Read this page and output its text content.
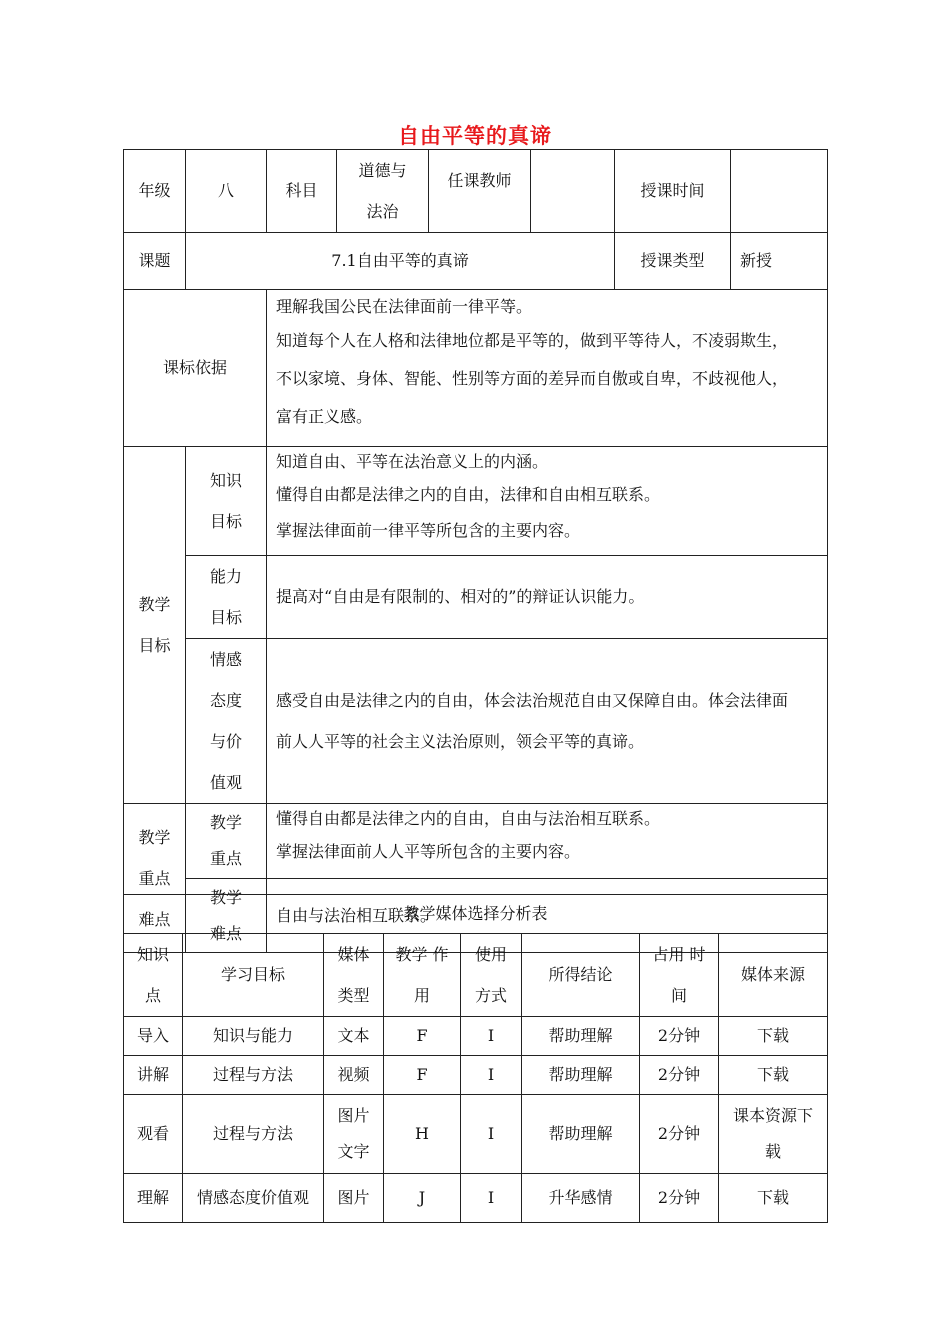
自由平等的真谛
年级	八	科目	道德与法治	任课教师		授课时间	
课题	7.1自由平等的真谛					授课类型	新授
课标依据		理解我国公民在法律面前一律平等。
知道每个人在人格和法律地位都是平等的，做到平等待人，不凌弱欺生，
不以家境、身体、智能、性别等方面的差异而自傲或自卑，不歧视他人，
富有正义感。					

教学目标	知识目标	知道自由、平等在法治意义上的内涵。
懂得自由都是法律之内的自由，法律和自由相互联系。
掌握法律面前一律平等所包含的主要内容。					

	能力目标	提高对“自由是有限制的、相对的”的辩证认识能力。					
	情感态度与价值观	感受自由是法律之内的自由，体会法治规范自由又保障自由。体会法律面
前人人平等的社会主义法治原则，领会平等的真谛。					

教学重点难点	教学重点	懂得自由都是法律之内的自由，自由与法治相互联系。
掌握法律面前人人平等所包含的主要内容。					

	教学难点	自由与法治相互联系。					
教学媒体选择分析表							
知识点	学习目标	媒体类型	教学 作用	使用方式	所得结论	占用 时间	媒体来源
导入	知识与能力	文本	F	I	帮助理解	2分钟	下载
讲解	过程与方法	视频	F	I	帮助理解	2分钟	下载
观看	过程与方法	图片文字	H	I	帮助理解	2分钟	课本资源下载
理解	情感态度价值观	图片	J	I	升华感情	2分钟	下载
